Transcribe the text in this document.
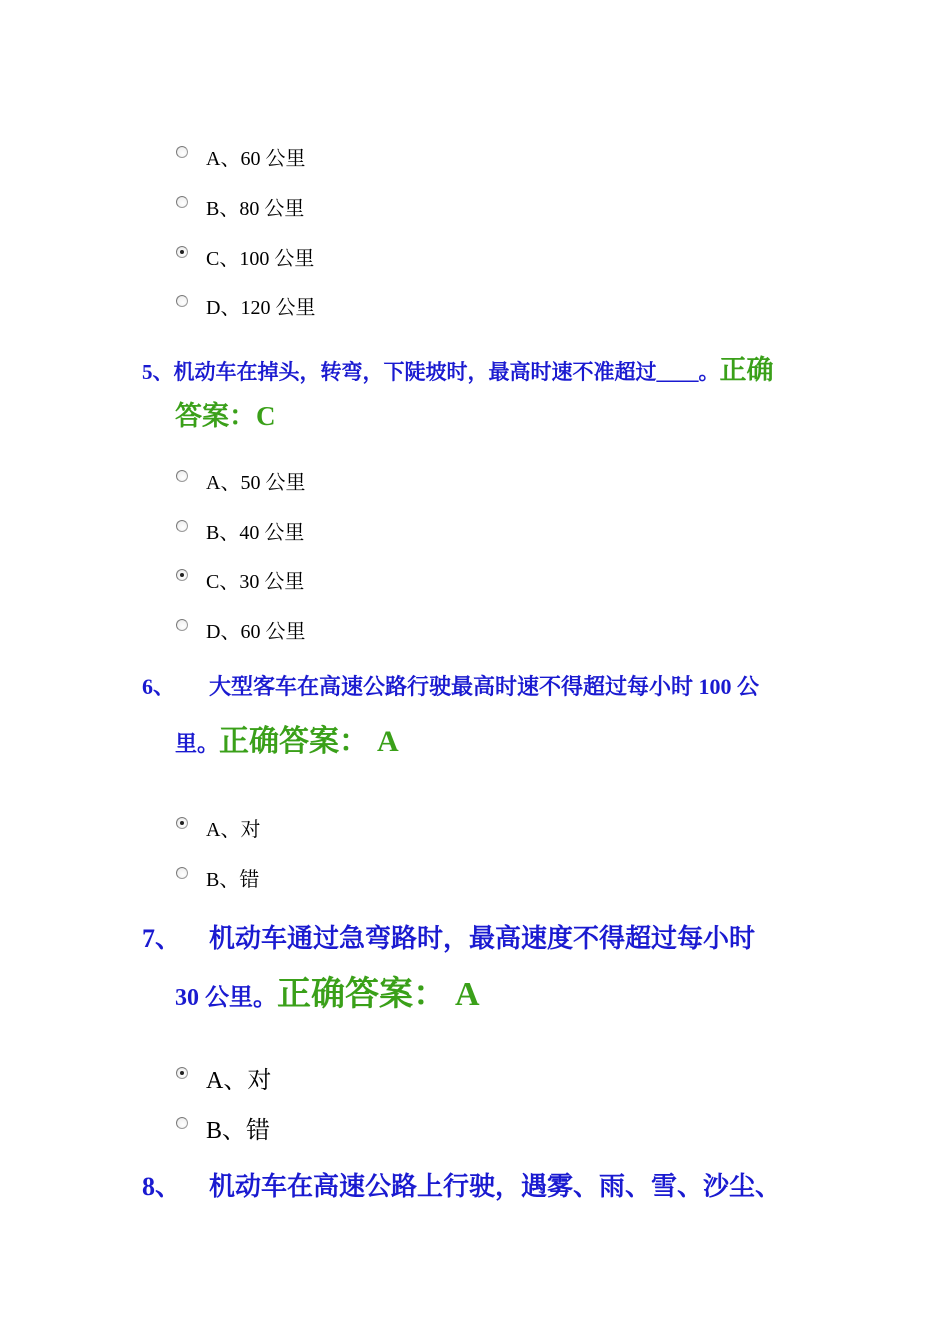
A、60 公里
B、80 公里
C、100 公里
D、120 公里
5、机动车在掉头，转弯，下陡坡时，最高时速不准超过____。正确
答案：C
A、50 公里
B、40 公里
C、30 公里
D、60 公里
6、 大型客车在高速公路行驶最高时速不得超过每小时 100 公
里。正确答案： A
A、对
B、错
7、 机动车通过急弯路时，最高速度不得超过每小时
30 公里。正确答案： A
A、对
B、错
8、 机动车在高速公路上行驶，遇雾、雨、雪、沙尘、
